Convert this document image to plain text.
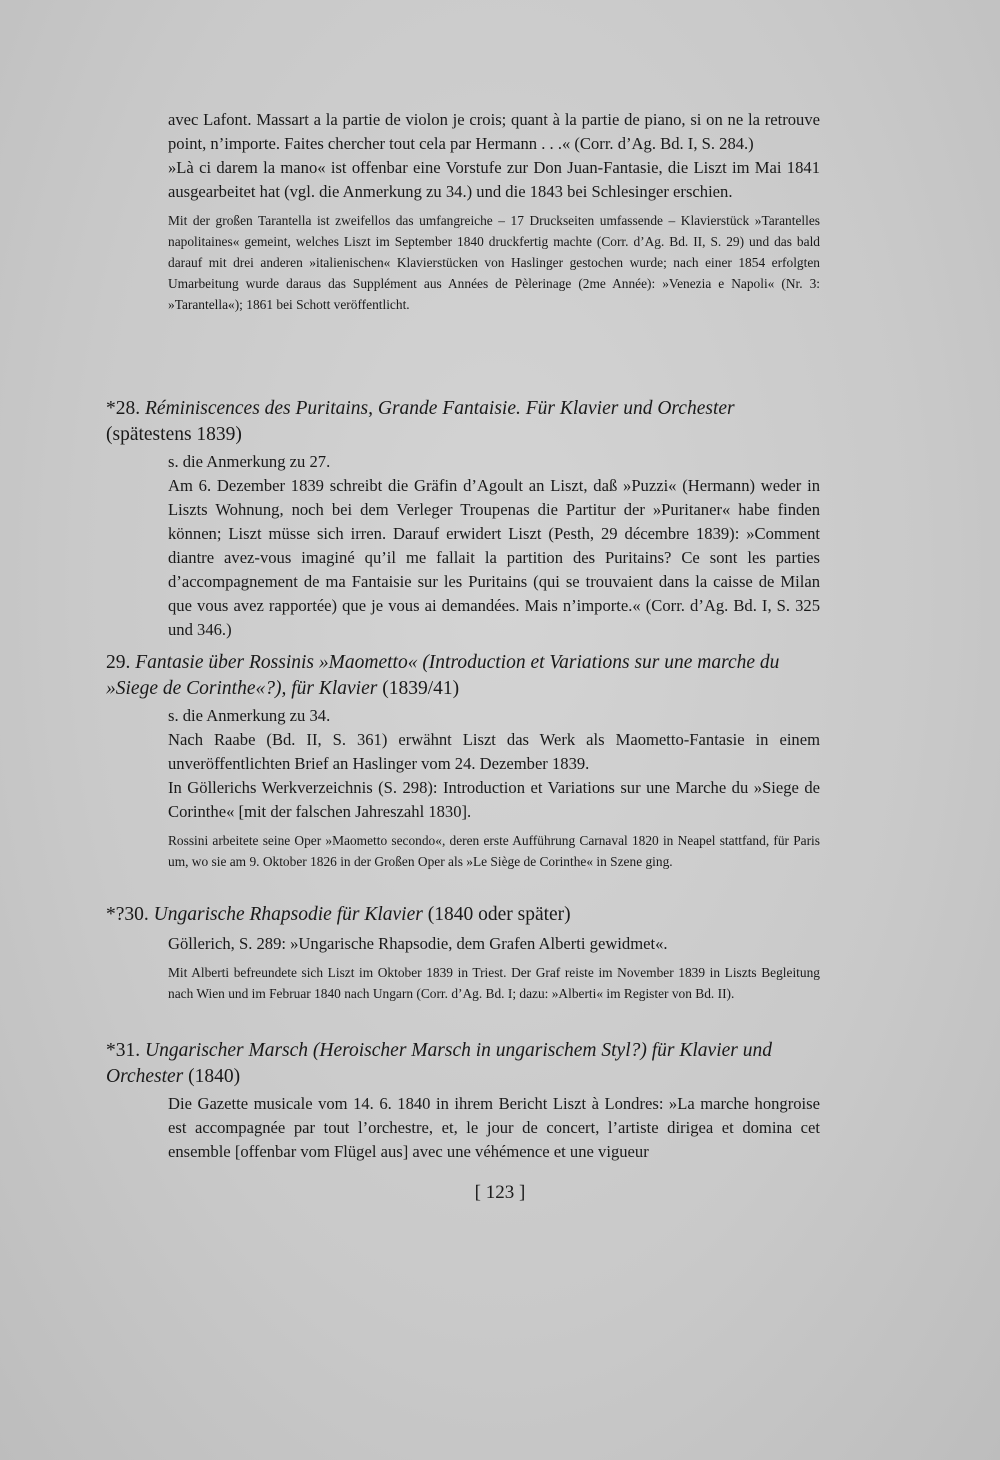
avec Lafont. Massart a la partie de violon je crois; quant à la partie de piano, si on ne la retrouve point, n’importe. Faites chercher tout cela par Hermann . . .« (Corr. d’Ag. Bd. I, S. 284.)

»Là ci darem la mano« ist offenbar eine Vorstufe zur Don Juan-Fantasie, die Liszt im Mai 1841 ausgearbeitet hat (vgl. die Anmerkung zu 34.) und die 1843 bei Schlesinger erschien.

Mit der großen Tarantella ist zweifellos das umfangreiche – 17 Druckseiten umfassende – Klavierstück »Tarantelles napolitaines« gemeint, welches Liszt im September 1840 druckfertig machte (Corr. d’Ag. Bd. II, S. 29) und das bald darauf mit drei anderen »italienischen« Klavierstücken von Haslinger gestochen wurde; nach einer 1854 erfolgten Umarbeitung wurde daraus das Supplément aus Années de Pèlerinage (2me Année): »Venezia e Napoli« (Nr. 3: »Tarantella«); 1861 bei Schott veröffentlicht.

*28. Réminiscences des Puritains, Grande Fantaisie. Für Klavier und Orchester (spätestens 1839)

s. die Anmerkung zu 27.

Am 6. Dezember 1839 schreibt die Gräfin d’Agoult an Liszt, daß »Puzzi« (Hermann) weder in Liszts Wohnung, noch bei dem Verleger Troupenas die Partitur der »Puritaner« habe finden können; Liszt müsse sich irren. Darauf erwidert Liszt (Pesth, 29 décembre 1839): »Comment diantre avez-vous imaginé qu’il me fallait la partition des Puritains? Ce sont les parties d’accompagnement de ma Fantaisie sur les Puritains (qui se trouvaient dans la caisse de Milan que vous avez rapportée) que je vous ai demandées. Mais n’importe.« (Corr. d’Ag. Bd. I, S. 325 und 346.)

29. Fantasie über Rossinis »Maometto« (Introduction et Variations sur une marche du »Siege de Corinthe«?), für Klavier (1839/41)

s. die Anmerkung zu 34.

Nach Raabe (Bd. II, S. 361) erwähnt Liszt das Werk als Maometto-Fantasie in einem unveröffentlichten Brief an Haslinger vom 24. Dezember 1839.

In Göllerichs Werkverzeichnis (S. 298): Introduction et Variations sur une Marche du »Siege de Corinthe« [mit der falschen Jahreszahl 1830].

Rossini arbeitete seine Oper »Maometto secondo«, deren erste Aufführung Carnaval 1820 in Neapel stattfand, für Paris um, wo sie am 9. Oktober 1826 in der Großen Oper als »Le Siège de Corinthe« in Szene ging.

*?30. Ungarische Rhapsodie für Klavier (1840 oder später)

Göllerich, S. 289: »Ungarische Rhapsodie, dem Grafen Alberti gewidmet«.

Mit Alberti befreundete sich Liszt im Oktober 1839 in Triest. Der Graf reiste im November 1839 in Liszts Begleitung nach Wien und im Februar 1840 nach Ungarn (Corr. d’Ag. Bd. I; dazu: »Alberti« im Register von Bd. II).

*31. Ungarischer Marsch (Heroischer Marsch in ungarischem Styl?) für Klavier und Orchester (1840)

Die Gazette musicale vom 14. 6. 1840 in ihrem Bericht Liszt à Londres: »La marche hongroise est accompagnée par tout l’orchestre, et, le jour de concert, l’artiste dirigea et domina cet ensemble [offenbar vom Flügel aus] avec une véhémence et une vigueur

[ 123 ]
